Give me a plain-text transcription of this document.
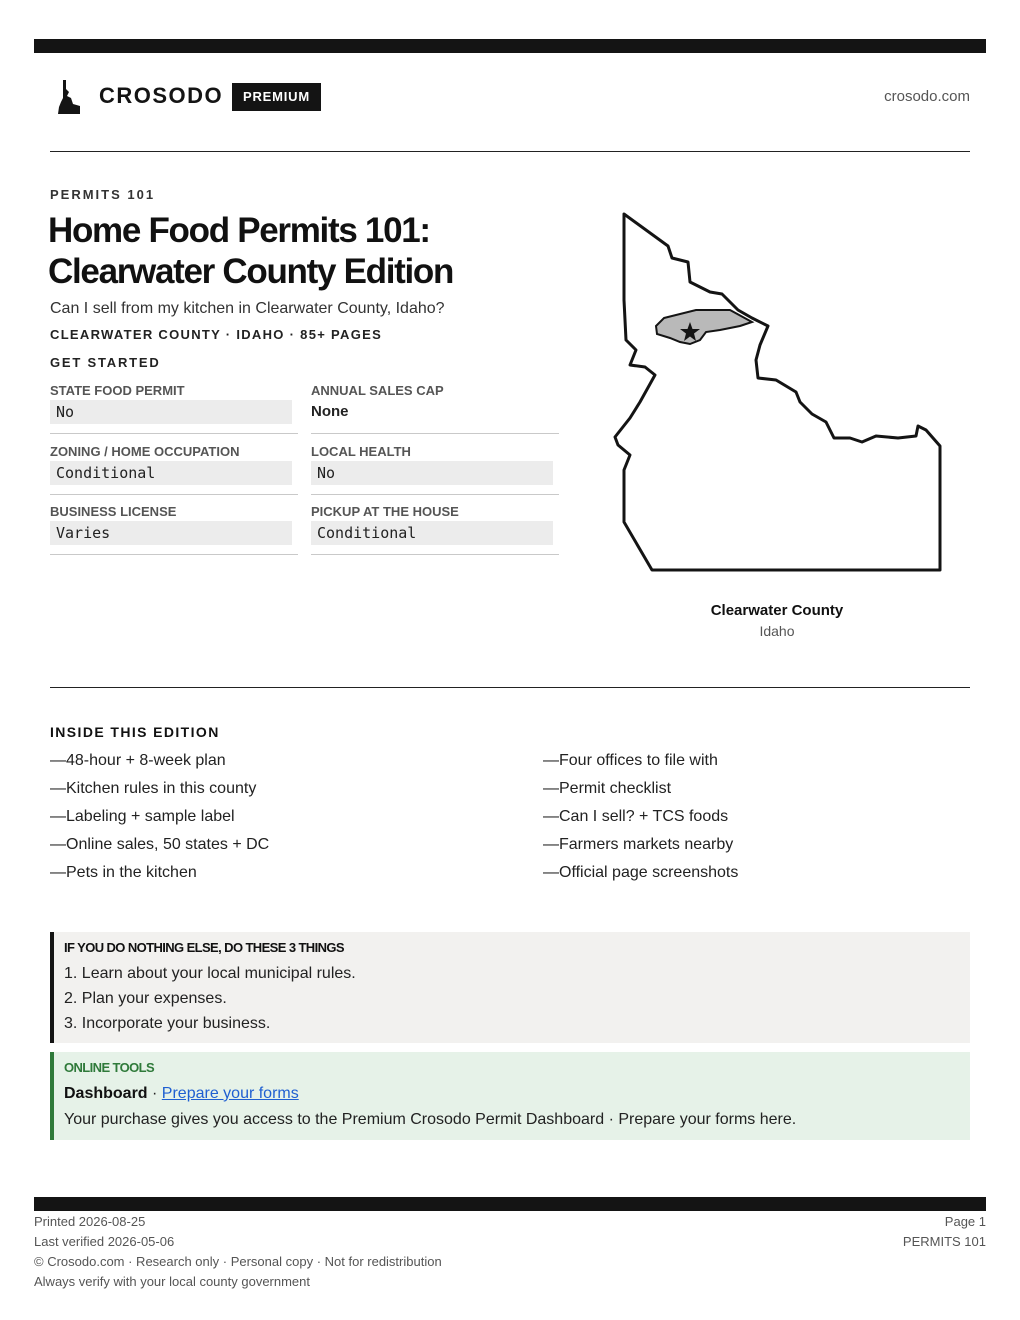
CROSODO	PREMIUM	crosodo.com
PERMITS 101
Home Food Permits 101:
Clearwater County Edition
Can I sell from my kitchen in Clearwater County, Idaho?
CLEARWATER COUNTY · IDAHO · 85+ PAGES
GET STARTED
STATE FOOD PERMIT
No
ANNUAL SALES CAP
None
ZONING / HOME OCCUPATION
Conditional
LOCAL HEALTH
No
BUSINESS LICENSE
Varies
PICKUP AT THE HOUSE
Conditional
Clearwater County
Idaho
INSIDE THIS EDITION
—48-hour + 8-week plan
—Kitchen rules in this county
—Labeling + sample label
—Online sales, 50 states + DC
—Pets in the kitchen
—Four offices to file with
—Permit checklist
—Can I sell? + TCS foods
—Farmers markets nearby
—Official page screenshots
IF YOU DO NOTHING ELSE, DO THESE 3 THINGS
1. Learn about your local municipal rules.
2. Plan your expenses.
3. Incorporate your business.
ONLINE TOOLS
Dashboard · Prepare your forms
Your purchase gives you access to the Premium Crosodo Permit Dashboard · Prepare your forms here.
Printed 2026-08-25
Last verified 2026-05-06
© Crosodo.com · Research only · Personal copy · Not for redistribution
Always verify with your local county government
Page 1
PERMITS 101
